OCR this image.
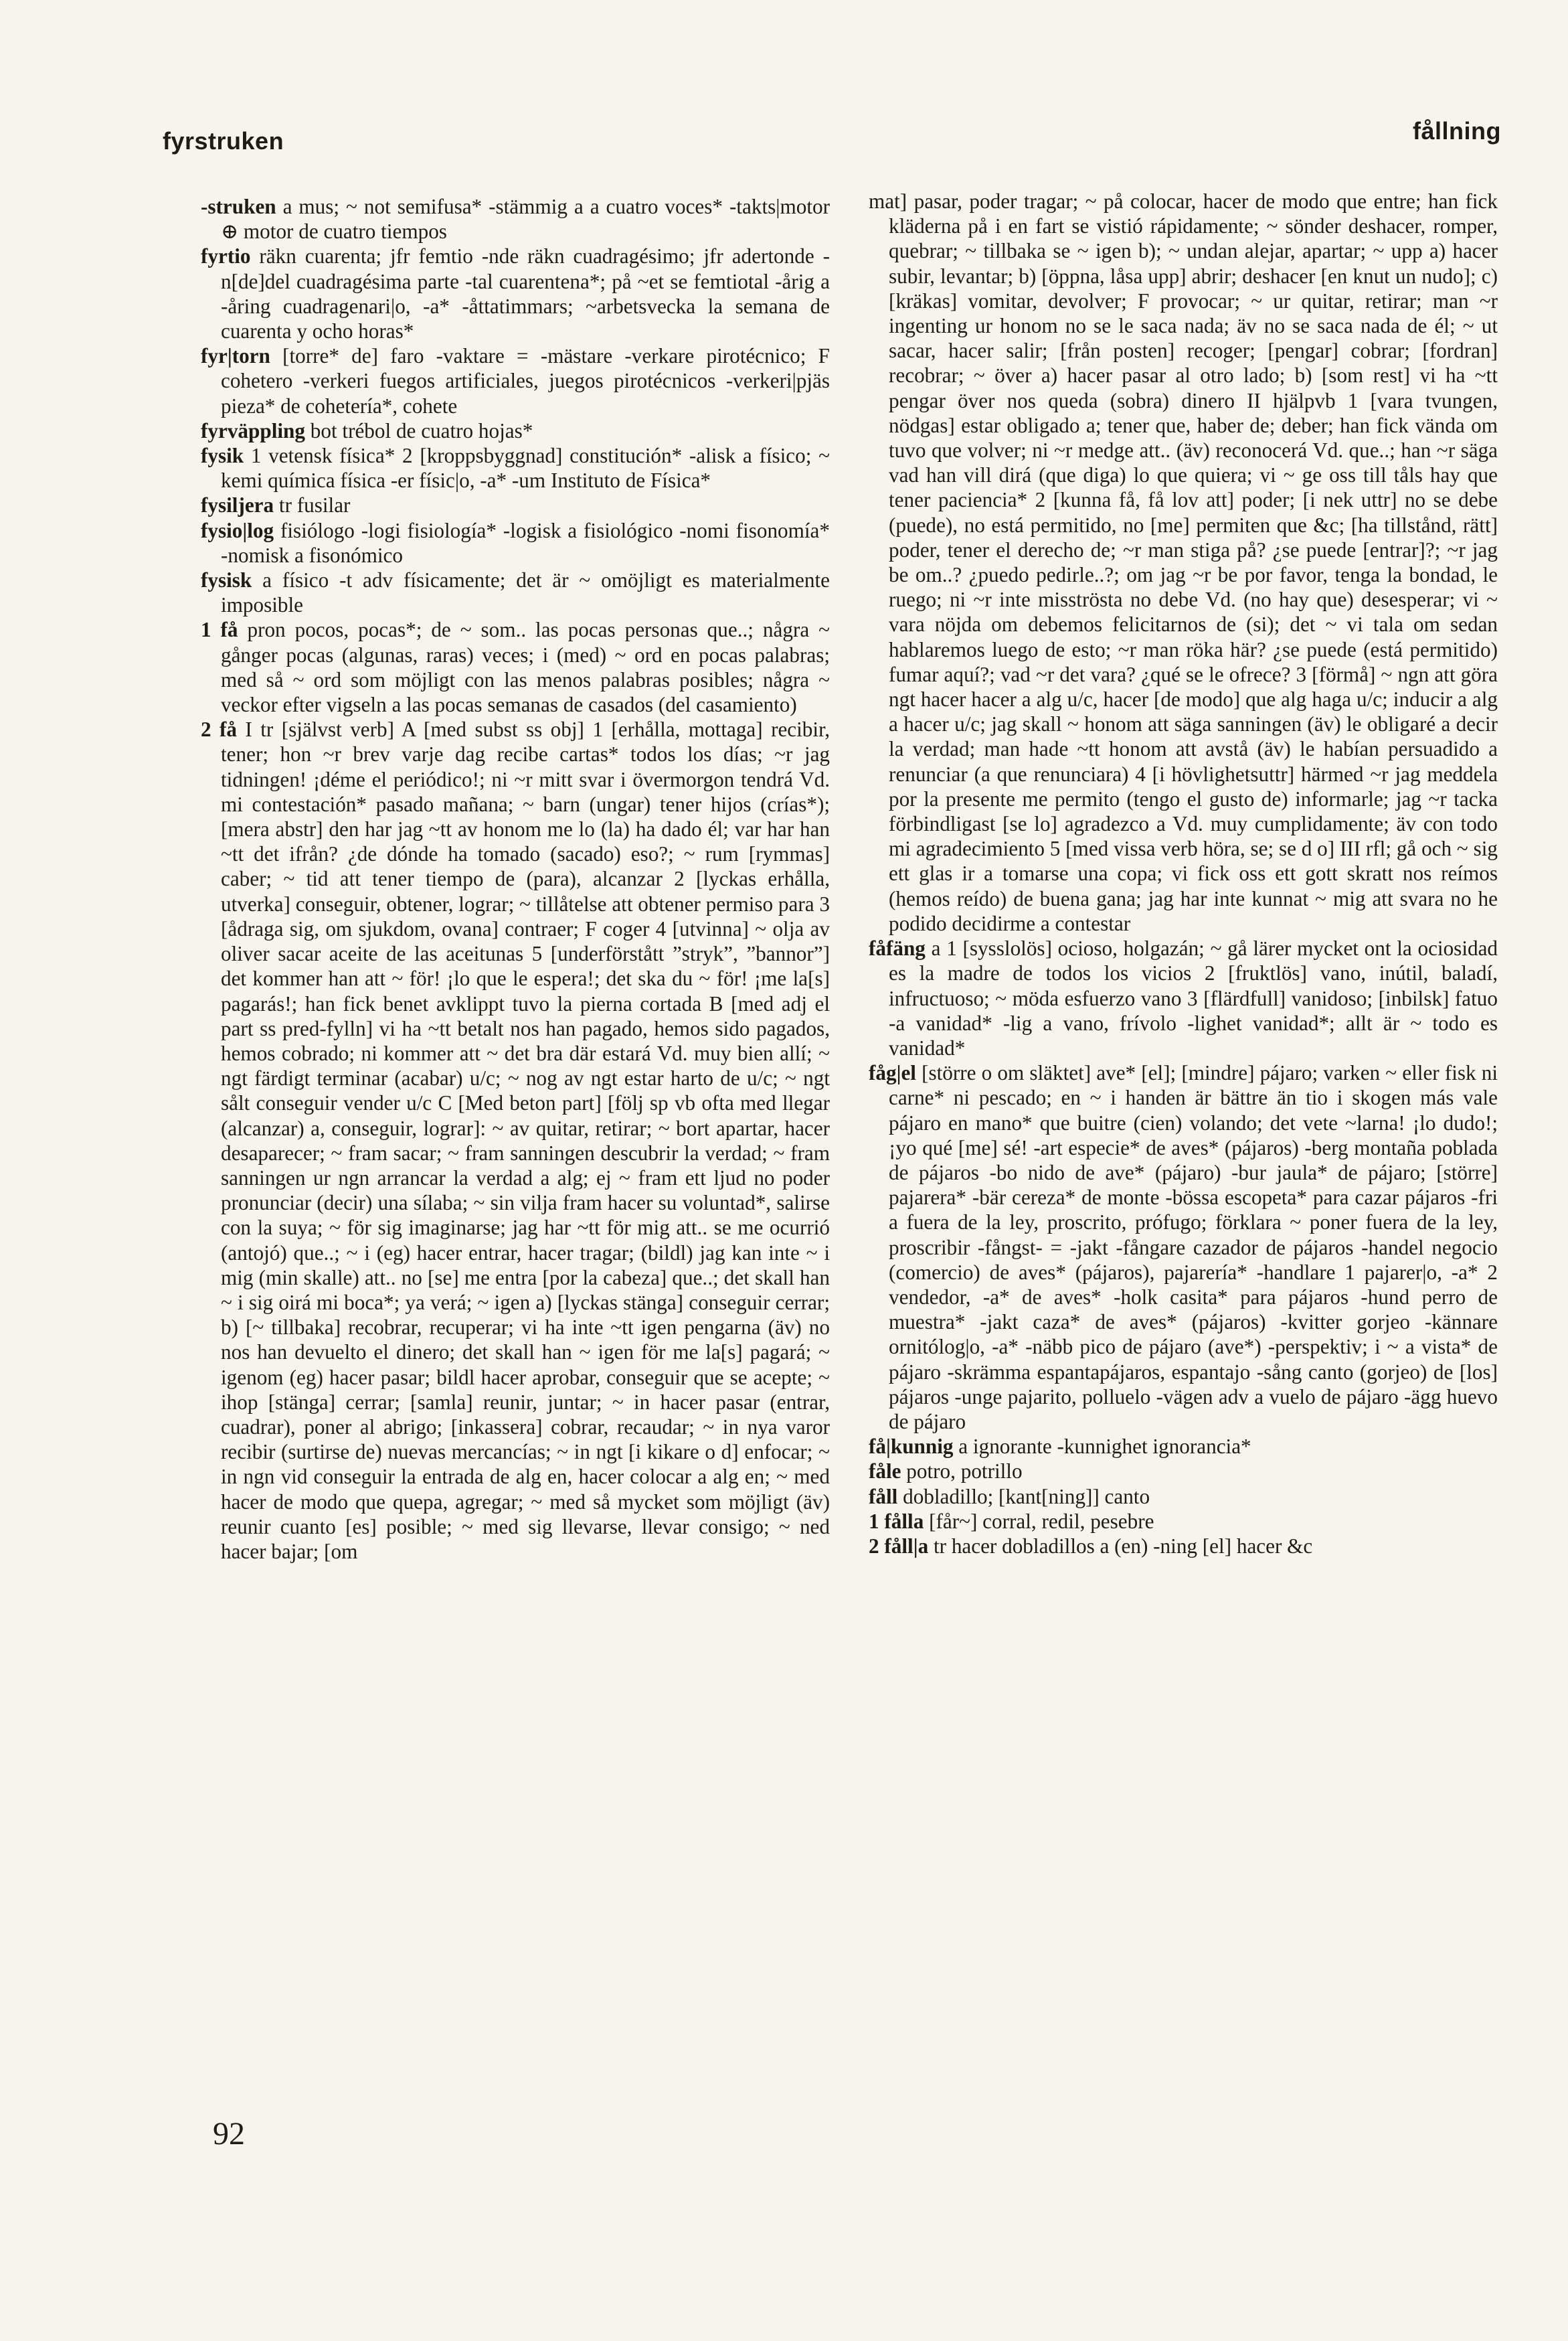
fyrstruken	fållning

-struken a mus; ~ not semifusa* -stämmig a a cuatro voces* -takts|motor ⊕ motor de cuatro tiempos

fyrtio räkn cuarenta; jfr femtio -nde räkn cuadragésimo; jfr adertonde -n[de]del cuadragésima parte -tal cuarentena*; på ~et se femtiotal -årig a -åring cuadragenari|o, -a* -åttatimmars; ~arbetsvecka la semana de cuarenta y ocho horas*

fyr|torn [torre* de] faro -vaktare = -mästare -verkare pirotécnico; F cohetero -verkeri fuegos artificiales, juegos pirotécnicos -verkeri|pjäs pieza* de cohetería*, cohete

fyrväppling bot trébol de cuatro hojas*

fysik 1 vetensk física* 2 [kroppsbyggnad] constitución* -alisk a físico; ~ kemi química física -er físic|o, -a* -um Instituto de Física*

fysiljera tr fusilar

fysio|log fisiólogo -logi fisiología* -logisk a fisiológico -nomi fisonomía* -nomisk a fisonómico

fysisk a físico -t adv físicamente; det är ~ omöjligt es materialmente imposible

1 få pron pocos, pocas*; de ~ som.. las pocas personas que..; några ~ gånger pocas (algunas, raras) veces; i (med) ~ ord en pocas palabras; med så ~ ord som möjligt con las menos palabras posibles; några ~ veckor efter vigseln a las pocas semanas de casados (del casamiento)

2 få I tr [självst verb] A [med subst ss obj] 1 [erhålla, mottaga] recibir, tener; hon ~r brev varje dag recibe cartas* todos los días; ~r jag tidningen! ¡déme el periódico!; ni ~r mitt svar i övermorgon tendrá Vd. mi contestación* pasado mañana; ~ barn (ungar) tener hijos (crías*); [mera abstr] den har jag ~tt av honom me lo (la) ha dado él; var har han ~tt det ifrån? ¿de dónde ha tomado (sacado) eso?; ~ rum [rymmas] caber; ~ tid att tener tiempo de (para), alcanzar 2 [lyckas erhålla, utverka] conseguir, obtener, lograr; ~ tillåtelse att obtener permiso para 3 [ådraga sig, om sjukdom, ovana] contraer; F coger 4 [utvinna] ~ olja av oliver sacar aceite de las aceitunas 5 [underförstått ”stryk”, ”bannor”] det kommer han att ~ för! ¡lo que le espera!; det ska du ~ för! ¡me la[s] pagarás!; han fick benet avklippt tuvo la pierna cortada B [med adj el part ss pred-fylln] vi ha ~tt betalt nos han pagado, hemos sido pagados, hemos cobrado; ni kommer att ~ det bra där estará Vd. muy bien allí; ~ ngt färdigt terminar (acabar) u/c; ~ nog av ngt estar harto de u/c; ~ ngt sålt conseguir vender u/c C [Med beton part] [följ sp vb ofta med llegar (alcanzar) a, conseguir, lograr]: ~ av quitar, retirar; ~ bort apartar, hacer desaparecer; ~ fram sacar; ~ fram sanningen descubrir la verdad; ~ fram sanningen ur ngn arrancar la verdad a alg; ej ~ fram ett ljud no poder pronunciar (decir) una sílaba; ~ sin vilja fram hacer su voluntad*, salirse con la suya; ~ för sig imaginarse; jag har ~tt för mig att.. se me ocurrió (antojó) que..; ~ i (eg) hacer entrar, hacer tragar; (bildl) jag kan inte ~ i mig (min skalle) att.. no [se] me entra [por la cabeza] que..; det skall han ~ i sig oirá mi boca*; ya verá; ~ igen a) [lyckas stänga] conseguir cerrar; b) [~ tillbaka] recobrar, recuperar; vi ha inte ~tt igen pengarna (äv) no nos han devuelto el dinero; det skall han ~ igen för me la[s] pagará; ~ igenom (eg) hacer pasar; bildl hacer aprobar, conseguir que se acepte; ~ ihop [stänga] cerrar; [samla] reunir, juntar; ~ in hacer pasar (entrar, cuadrar), poner al abrigo; [inkassera] cobrar, recaudar; ~ in nya varor recibir (surtirse de) nuevas mercancías; ~ in ngt [i kikare o d] enfocar; ~ in ngn vid conseguir la entrada de alg en, hacer colocar a alg en; ~ med hacer de modo que quepa, agregar; ~ med så mycket som möjligt (äv) reunir cuanto [es] posible; ~ med sig llevarse, llevar consigo; ~ ned hacer bajar; [om

mat] pasar, poder tragar; ~ på colocar, hacer de modo que entre; han fick kläderna på i en fart se vistió rápidamente; ~ sönder deshacer, romper, quebrar; ~ tillbaka se ~ igen b); ~ undan alejar, apartar; ~ upp a) hacer subir, levantar; b) [öppna, låsa upp] abrir; deshacer [en knut un nudo]; c) [kräkas] vomitar, devolver; F provocar; ~ ur quitar, retirar; man ~r ingenting ur honom no se le saca nada; äv no se saca nada de él; ~ ut sacar, hacer salir; [från posten] recoger; [pengar] cobrar; [fordran] recobrar; ~ över a) hacer pasar al otro lado; b) [som rest] vi ha ~tt pengar över nos queda (sobra) dinero II hjälpvb 1 [vara tvungen, nödgas] estar obligado a; tener que, haber de; deber; han fick vända om tuvo que volver; ni ~r medge att.. (äv) reconocerá Vd. que..; han ~r säga vad han vill dirá (que diga) lo que quiera; vi ~ ge oss till tåls hay que tener paciencia* 2 [kunna få, få lov att] poder; [i nek uttr] no se debe (puede), no está permitido, no [me] permiten que &c; [ha tillstånd, rätt] poder, tener el derecho de; ~r man stiga på? ¿se puede [entrar]?; ~r jag be om..? ¿puedo pedirle..?; om jag ~r be por favor, tenga la bondad, le ruego; ni ~r inte misströsta no debe Vd. (no hay que) desesperar; vi ~ vara nöjda om debemos felicitarnos de (si); det ~ vi tala om sedan hablaremos luego de esto; ~r man röka här? ¿se puede (está permitido) fumar aquí?; vad ~r det vara? ¿qué se le ofrece? 3 [förmå] ~ ngn att göra ngt hacer hacer a alg u/c, hacer [de modo] que alg haga u/c; inducir a alg a hacer u/c; jag skall ~ honom att säga sanningen (äv) le obligaré a decir la verdad; man hade ~tt honom att avstå (äv) le habían persuadido a renunciar (a que renunciara) 4 [i hövlighetsuttr] härmed ~r jag meddela por la presente me permito (tengo el gusto de) informarle; jag ~r tacka förbindligast [se lo] agradezco a Vd. muy cumplidamente; äv con todo mi agradecimiento 5 [med vissa verb höra, se; se d o] III rfl; gå och ~ sig ett glas ir a tomarse una copa; vi fick oss ett gott skratt nos reímos (hemos reído) de buena gana; jag har inte kunnat ~ mig att svara no he podido decidirme a contestar

fåfäng a 1 [sysslolös] ocioso, holgazán; ~ gå lärer mycket ont la ociosidad es la madre de todos los vicios 2 [fruktlös] vano, inútil, baladí, infructuoso; ~ möda esfuerzo vano 3 [flärdfull] vanidoso; [inbilsk] fatuo -a vanidad* -lig a vano, frívolo -lighet vanidad*; allt är ~ todo es vanidad*

fåg|el [större o om släktet] ave* [el]; [mindre] pájaro; varken ~ eller fisk ni carne* ni pescado; en ~ i handen är bättre än tio i skogen más vale pájaro en mano* que buitre (cien) volando; det vete ~larna! ¡lo dudo!; ¡yo qué [me] sé! -art especie* de aves* (pájaros) -berg montaña poblada de pájaros -bo nido de ave* (pájaro) -bur jaula* de pájaro; [större] pajarera* -bär cereza* de monte -bössa escopeta* para cazar pájaros -fri a fuera de la ley, proscrito, prófugo; förklara ~ poner fuera de la ley, proscribir -fångst- = -jakt -fångare cazador de pájaros -handel negocio (comercio) de aves* (pájaros), pajarería* -handlare 1 pajarer|o, -a* 2 vendedor, -a* de aves* -holk casita* para pájaros -hund perro de muestra* -jakt caza* de aves* (pájaros) -kvitter gorjeo -kännare ornitólog|o, -a* -näbb pico de pájaro (ave*) -perspektiv; i ~ a vista* de pájaro -skrämma espantapájaros, espantajo -sång canto (gorjeo) de [los] pájaros -unge pajarito, polluelo -vägen adv a vuelo de pájaro -ägg huevo de pájaro

få|kunnig a ignorante -kunnighet ignorancia*

fåle potro, potrillo

fåll dobladillo; [kant[ning]] canto

1 fålla [får~] corral, redil, pesebre

2 fåll|a tr hacer dobladillos a (en) -ning [el] hacer &c

92
